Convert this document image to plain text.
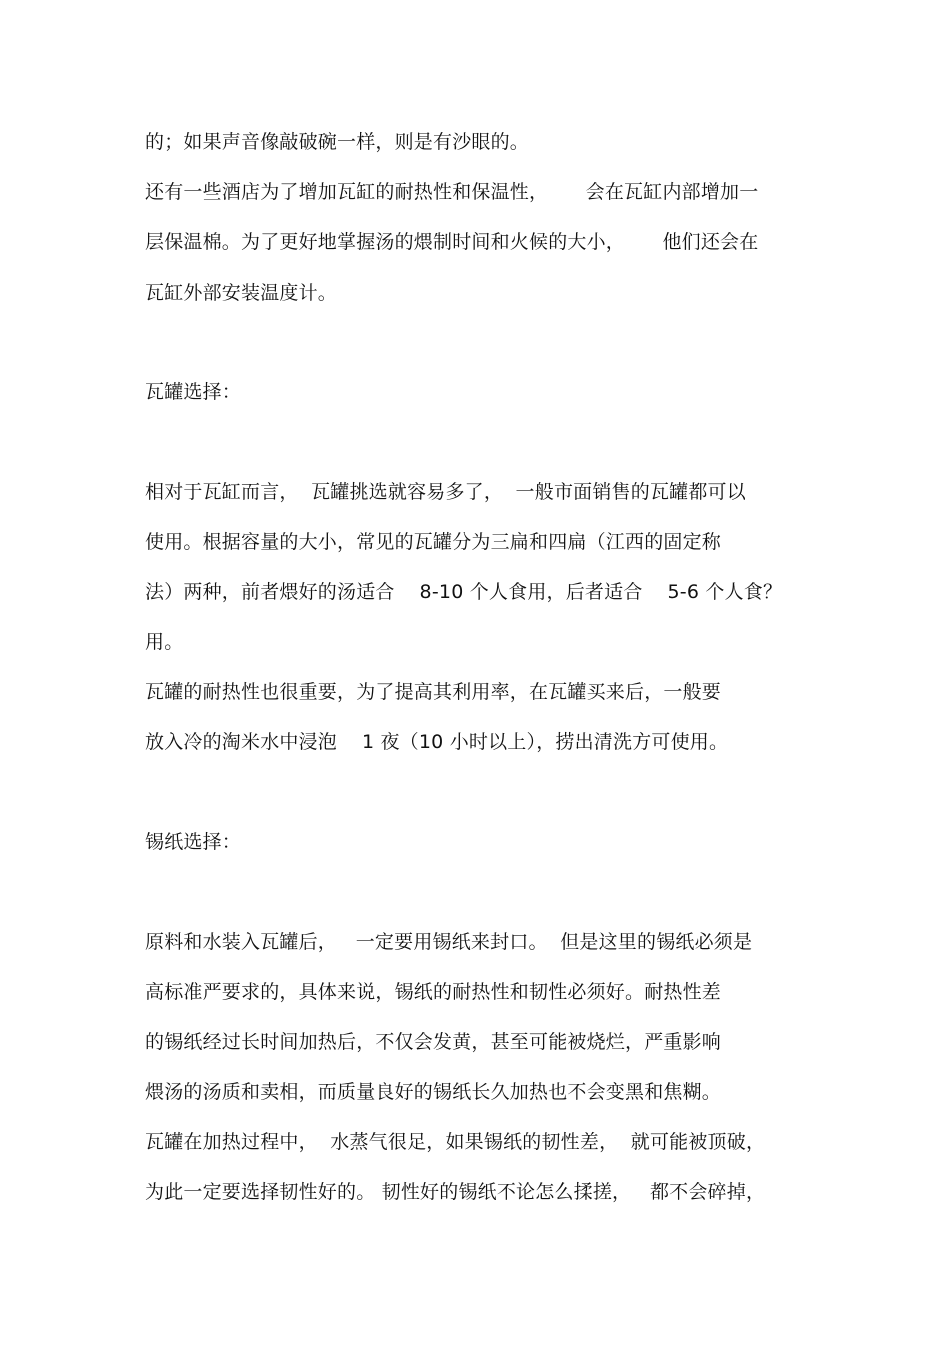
的；如果声音像敲破碗一样，则是有沙眼的。
还有一些酒店为了增加瓦缸的耐热性和保温性，      会在瓦缸内部增加一
层保温棉。为了更好地掌握汤的煨制时间和火候的大小，      他们还会在
瓦缸外部安装温度计。
瓦罐选择：
相对于瓦缸而言，  瓦罐挑选就容易多了，  一般市面销售的瓦罐都可以
使用。根据容量的大小，常见的瓦罐分为三扁和四扁（江西的固定称
法）两种，前者煨好的汤适合    8-10 个人食用，后者适合    5-6 个人食？
用。
瓦罐的耐热性也很重要，为了提高其利用率，在瓦罐买来后，一般要
放入冷的淘米水中浸泡    1 夜（10 小时以上），捞出清洗方可使用。
锡纸选择：
原料和水装入瓦罐后，   一定要用锡纸来封口。  但是这里的锡纸必须是
高标准严要求的，具体来说，锡纸的耐热性和韧性必须好。耐热性差
的锡纸经过长时间加热后，不仅会发黄，甚至可能被烧烂，严重影响
煨汤的汤质和卖相，而质量良好的锡纸长久加热也不会变黑和焦糊。
瓦罐在加热过程中，  水蒸气很足，如果锡纸的韧性差，  就可能被顶破，
为此一定要选择韧性好的。 韧性好的锡纸不论怎么揉搓，   都不会碎掉，
